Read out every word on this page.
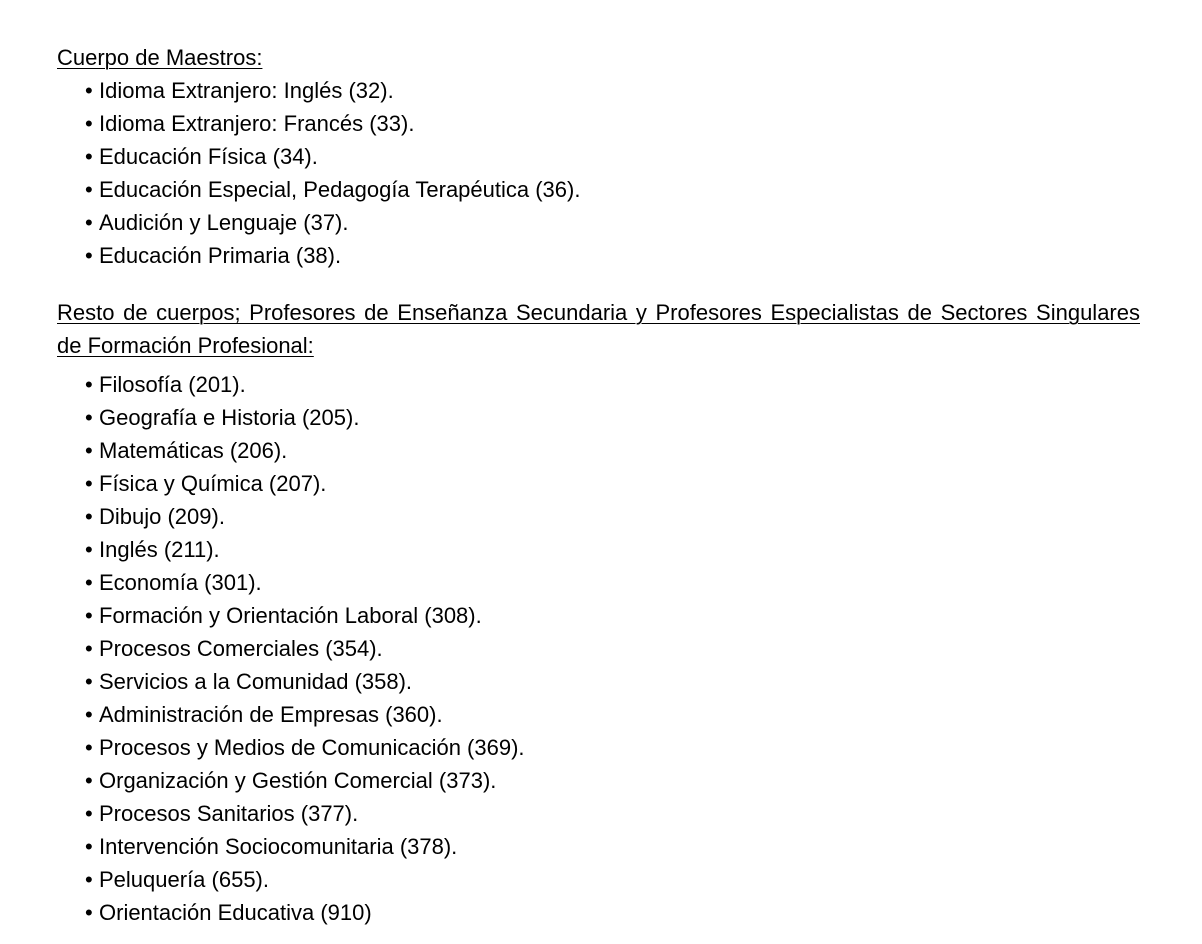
Cuerpo de Maestros:
• Idioma Extranjero: Inglés (32).
• Idioma Extranjero: Francés (33).
• Educación Física (34).
• Educación Especial, Pedagogía Terapéutica (36).
• Audición y Lenguaje (37).
• Educación Primaria (38).
Resto de cuerpos; Profesores de Enseñanza Secundaria y Profesores Especialistas de Sectores Singulares de Formación Profesional:
• Filosofía (201).
• Geografía e Historia (205).
• Matemáticas (206).
• Física y Química (207).
• Dibujo (209).
• Inglés (211).
• Economía (301).
• Formación y Orientación Laboral (308).
• Procesos Comerciales (354).
• Servicios a la Comunidad (358).
• Administración de Empresas (360).
• Procesos y Medios de Comunicación (369).
• Organización y Gestión Comercial (373).
• Procesos Sanitarios (377).
• Intervención Sociocomunitaria (378).
• Peluquería (655).
• Orientación Educativa (910)
